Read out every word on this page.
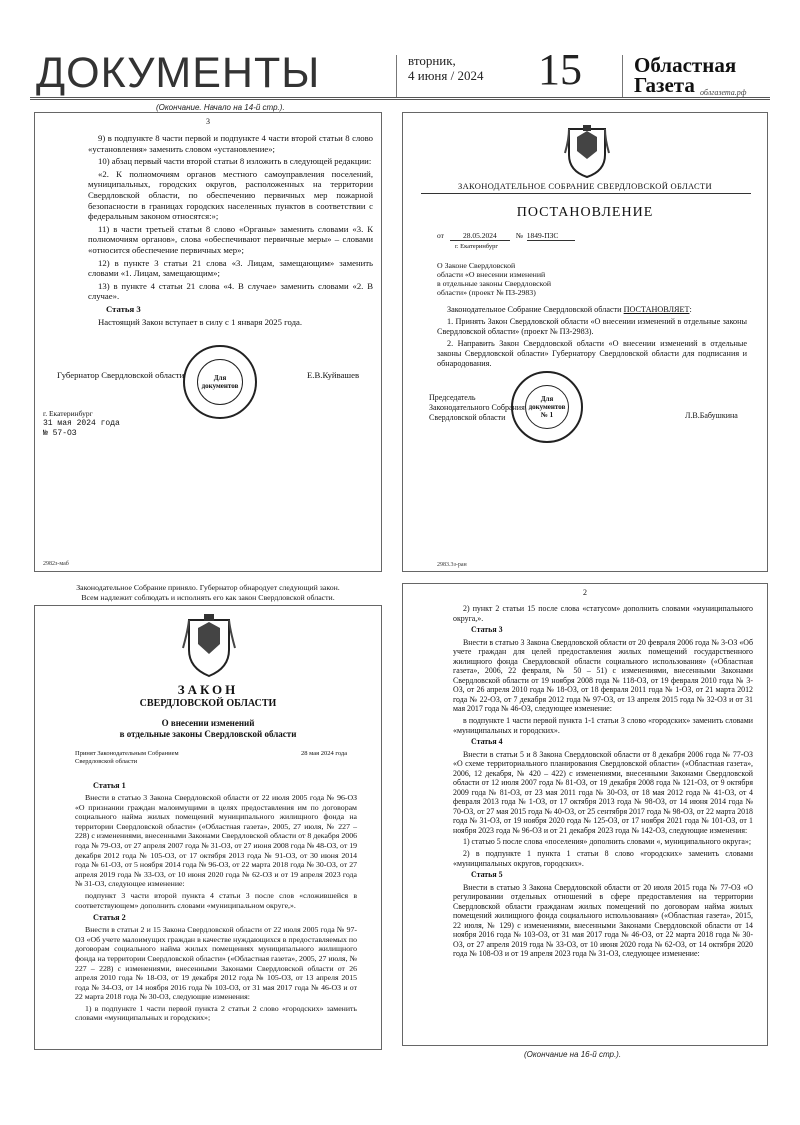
ДОКУМЕНТЫ	вторник,
4 июня / 2024	15	Областная
Газета облгазета.рф
(Окончание. Начало на 14-й стр.).
3

9) в подпункте 8 части первой и подпункте 4 части второй статьи 8 слово «установления» заменить словом «установление»;

10) абзац первый части второй статьи 8 изложить в следующей редакции:

«2. К полномочиям органов местного самоуправления поселений, муниципальных, городских округов, расположенных на территории Свердловской области, по обеспечению первичных мер пожарной безопасности в границах городских населенных пунктов в соответствии с федеральным законом относятся:»;

11) в части третьей статьи 8 слово «Органы» заменить словами «3. К полномочиям органов», слова «обеспечивают первичные меры» – словами «относится обеспечение первичных мер»;

12) в пункте 3 статьи 21 слова «3. Лицам, замещающим» заменить словами «1. Лицам, замещающим»;

13) в пункте 4 статьи 21 слова «4. В случае» заменить словами «2. В случае».

Статья 3

Настоящий Закон вступает в силу с 1 января 2025 года.

Губернатор Свердловской области	Е.В.Куйвашев
Для документов
г. Екатеринбург
31 мая 2024 года
№ 57-ОЗ
2982з-маб
ЗАКОНОДАТЕЛЬНОЕ СОБРАНИЕ СВЕРДЛОВСКОЙ ОБЛАСТИ
ПОСТАНОВЛЕНИЕ
от	28.05.2024	№ 1849-ПЗС
г. Екатеринбург
О Законе Свердловской
области «О внесении изменений
в отдельные законы Свердловской
области» (проект № ПЗ-2983)

Законодательное Собрание Свердловской области ПОСТАНОВЛЯЕТ:

1. Принять Закон Свердловской области «О внесении изменений в отдельные законы Свердловской области» (проект № ПЗ-2983).

2. Направить Закон Свердловской области «О внесении изменений в отдельные законы Свердловской области» Губернатору Свердловской области для подписания и обнародования.

Председатель
Законодательного Собрания
Свердловской области	Л.В.Бабушкина
Для документов № 1
2983.3з-ран
Законодательное Собрание приняло. Губернатор обнародует следующий закон.
Всем надлежит соблюдать и исполнять его как закон Свердловской области.
ЗАКОН
СВЕРДЛОВСКОЙ ОБЛАСТИ
О внесении изменений
в отдельные законы Свердловской области
Принят Законодательным Собранием
Свердловской области
28 мая 2024 года

Статья 1

Внести в статью 3 Закона Свердловской области от 22 июля 2005 года № 96-ОЗ «О признании граждан малоимущими в целях предоставления им по договорам социального найма жилых помещений муниципального жилищного фонда на территории Свердловской области» («Областная газета», 2005, 27 июля, № 227 – 228) с изменениями, внесенными Законами Свердловской области от 8 декабря 2006 года № 79-ОЗ, от 27 апреля 2007 года № 31-ОЗ, от 27 июня 2008 года № 48-ОЗ, от 19 декабря 2012 года № 105-ОЗ, от 17 октября 2013 года № 91-ОЗ, от 30 июня 2014 года № 61-ОЗ, от 5 ноября 2014 года № 96-ОЗ, от 22 марта 2018 года № 30-ОЗ, от 27 апреля 2019 года № 33-ОЗ, от 10 июня 2020 года № 62-ОЗ и от 19 апреля 2023 года № 31-ОЗ, следующее изменение:

подпункт 3 части второй пункта 4 статьи 3 после слов «сложившейся в соответствующем» дополнить словами «муниципальном округе,».

Статья 2

Внести в статьи 2 и 15 Закона Свердловской области от 22 июля 2005 года № 97-ОЗ «Об учете малоимущих граждан в качестве нуждающихся в предоставляемых по договорам социального найма жилых помещениях муниципального жилищного фонда на территории Свердловской области» («Областная газета», 2005, 27 июля, № 227 – 228) с изменениями, внесенными Законами Свердловской области от 26 апреля 2010 года № 18-ОЗ, от 19 декабря 2012 года № 105-ОЗ, от 13 апреля 2015 года № 34-ОЗ, от 14 ноября 2016 года № 103-ОЗ, от 31 мая 2017 года № 46-ОЗ и от 22 марта 2018 года № 30-ОЗ, следующие изменения:

1) в подпункте 1 части первой пункта 2 статьи 2 слово «городских» заменить словами «муниципальных и городских»;

2

2) пункт 2 статьи 15 после слова «статусом» дополнить словами «муниципального округа,».

Статья 3

Внести в статью 3 Закона Свердловской области от 20 февраля 2006 года № 3-ОЗ «Об учете граждан для целей предоставления жилых помещений государственного жилищного фонда Свердловской области социального использования» («Областная газета», 2006, 22 февраля, № 50 – 51) с изменениями, внесенными Законами Свердловской области от 19 ноября 2008 года № 118-ОЗ, от 19 февраля 2010 года № 3-ОЗ, от 26 апреля 2010 года № 18-ОЗ, от 18 февраля 2011 года № 1-ОЗ, от 21 марта 2012 года № 22-ОЗ, от 7 декабря 2012 года № 97-ОЗ, от 13 апреля 2015 года № 32-ОЗ и от 31 мая 2017 года № 46-ОЗ, следующее изменение:

в подпункте 1 части первой пункта 1-1 статьи 3 слово «городских» заменить словами «муниципальных и городских».

Статья 4

Внести в статьи 5 и 8 Закона Свердловской области от 8 декабря 2006 года № 77-ОЗ «О схеме территориального планирования Свердловской области» («Областная газета», 2006, 12 декабря, № 420 – 422) с изменениями, внесенными Законами Свердловской области от 12 июля 2007 года № 81-ОЗ, от 19 декабря 2008 года № 121-ОЗ, от 9 октября 2009 года № 81-ОЗ, от 23 мая 2011 года № 30-ОЗ, от 18 мая 2012 года № 41-ОЗ, от 4 февраля 2013 года № 1-ОЗ, от 17 октября 2013 года № 98-ОЗ, от 14 июня 2014 года № 70-ОЗ, от 27 мая 2015 года № 40-ОЗ, от 25 сентября 2017 года № 98-ОЗ, от 22 марта 2018 года № 31-ОЗ, от 19 ноября 2020 года № 125-ОЗ, от 17 ноября 2021 года № 101-ОЗ, от 1 ноября 2023 года № 96-ОЗ и от 21 декабря 2023 года № 142-ОЗ, следующие изменения:

1) статью 5 после слова «поселения» дополнить словами «, муниципального округа»;

2) в подпункте 1 пункта 1 статьи 8 слово «городских» заменить словами «муниципальных округов, городских».

Статья 5

Внести в статью 3 Закона Свердловской области от 20 июля 2015 года № 77-ОЗ «О регулировании отдельных отношений в сфере предоставления на территории Свердловской области гражданам жилых помещений по договорам найма жилых помещений жилищного фонда социального использования» («Областная газета», 2015, 22 июля, № 129) с изменениями, внесенными Законами Свердловской области от 14 ноября 2016 года № 103-ОЗ, от 31 мая 2017 года № 46-ОЗ, от 22 марта 2018 года № 30-ОЗ, от 27 апреля 2019 года № 33-ОЗ, от 10 июня 2020 года № 62-ОЗ, от 14 октября 2020 года № 108-ОЗ и от 19 апреля 2023 года № 31-ОЗ, следующее изменение:

(Окончание на 16-й стр.).
